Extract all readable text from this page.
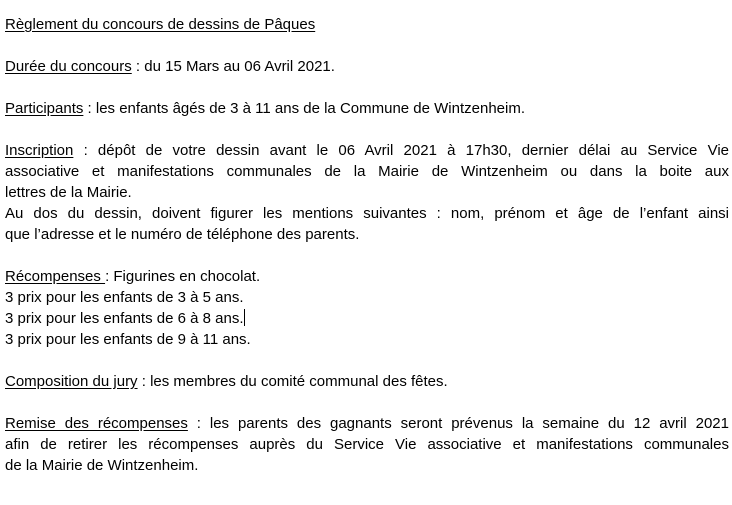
Règlement du concours de dessins de Pâques
Durée du concours : du 15 Mars au 06 Avril 2021.
Participants : les enfants âgés de 3 à 11 ans de la Commune de Wintzenheim.
Inscription : dépôt de votre dessin avant le 06 Avril 2021 à 17h30, dernier délai au Service Vie
associative et manifestations communales de la Mairie de Wintzenheim ou dans la boite aux
lettres de la Mairie.
Au dos du dessin, doivent figurer les mentions suivantes : nom, prénom et âge de l’enfant ainsi
que l’adresse et le numéro de téléphone des parents.
Récompenses : Figurines en chocolat.
3 prix pour les enfants de 3 à 5 ans.
3 prix pour les enfants de 6 à 8 ans.
3 prix pour les enfants de 9 à 11 ans.
Composition du jury : les membres du comité communal des fêtes.
Remise des récompenses : les parents des gagnants seront prévenus la semaine du 12 avril 2021
afin de retirer les récompenses auprès du Service Vie associative et manifestations communales
de la Mairie de Wintzenheim.
